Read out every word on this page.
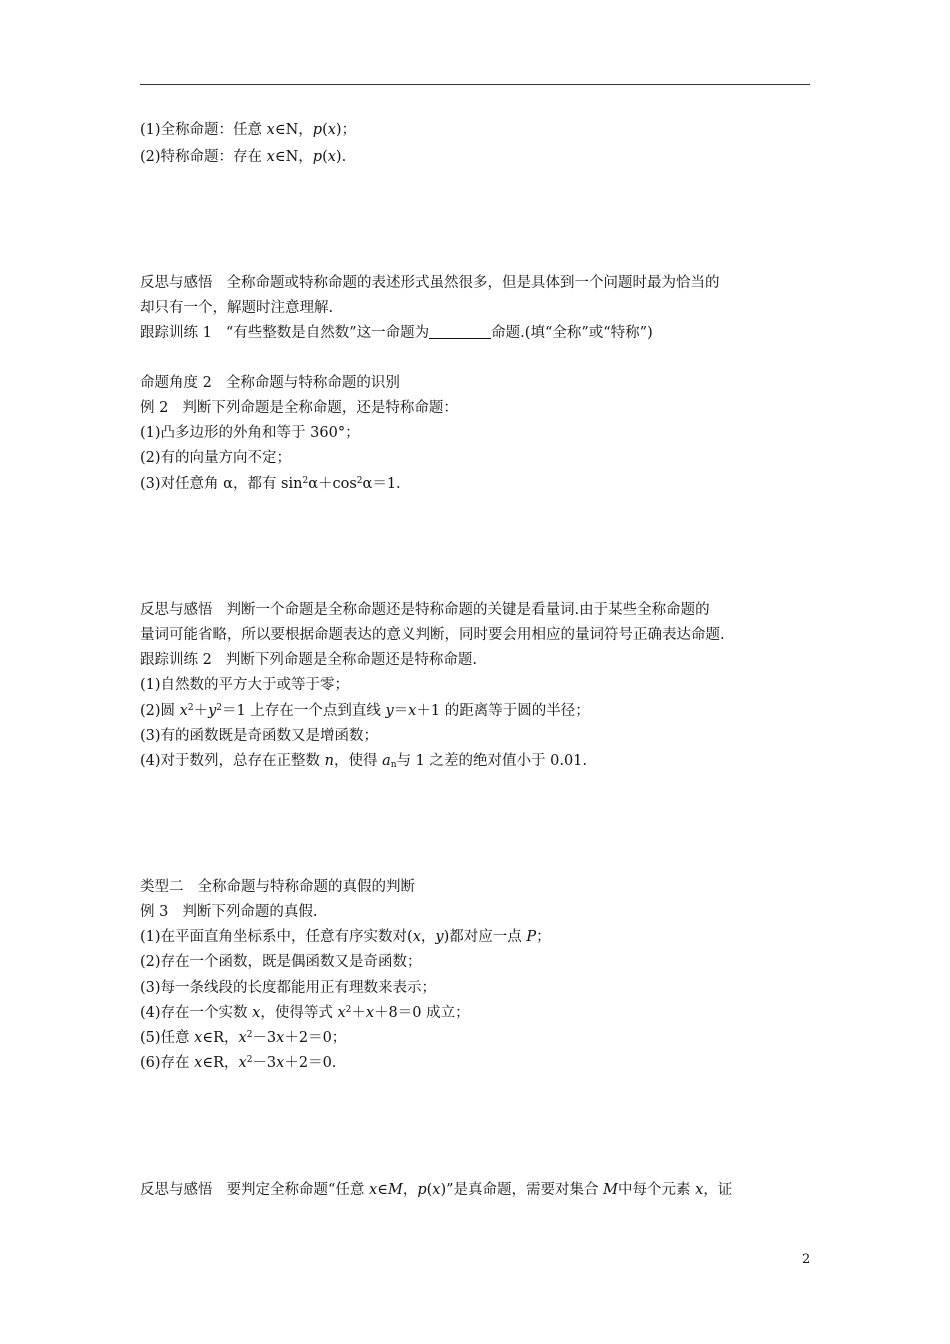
(1)全称命题：任意 x∈N，p(x)；
(2)特称命题：存在 x∈N，p(x).
反思与感悟 全称命题或特称命题的表述形式虽然很多，但是具体到一个问题时最为恰当的
却只有一个，解题时注意理解.
跟踪训练 1 “有些整数是自然数”这一命题为	命题.(填“全称”或“特称”)
命题角度 2 全称命题与特称命题的识别
例 2 判断下列命题是全称命题，还是特称命题：
(1)凸多边形的外角和等于 360°；
(2)有的向量方向不定；
(3)对任意角 α，都有 $\sin^2\alpha+\cos^2\alpha=1$.
反思与感悟 判断一个命题是全称命题还是特称命题的关键是看量词.由于某些全称命题的
量词可能省略，所以要根据命题表达的意义判断，同时要会用相应的量词符号正确表达命题.
跟踪训练 2 判断下列命题是全称命题还是特称命题.
(1)自然数的平方大于或等于零；
(2)圆 $x^2+y^2=1$ 上存在一个点到直线 y＝x＋1 的距离等于圆的半径；
(3)有的函数既是奇函数又是增函数；
(4)对于数列，总存在正整数 n，使得 $a_n$与 1 之差的绝对值小于 0.01.
类型二 全称命题与特称命题的真假的判断
例 3 判断下列命题的真假.
(1)在平面直角坐标系中，任意有序实数对(x，y)都对应一点 P；
(2)存在一个函数，既是偶函数又是奇函数；
(3)每一条线段的长度都能用正有理数来表示；
(4)存在一个实数 x，使得等式 $x^2+x+8=0$ 成立；
(5)任意 x∈R，$x^2-3x+2=0$；
(6)存在 x∈R，$x^2-3x+2=0$.
反思与感悟 要判定全称命题“任意 x∈M，p(x)”是真命题，需要对集合 M中每个元素 x，证
2
